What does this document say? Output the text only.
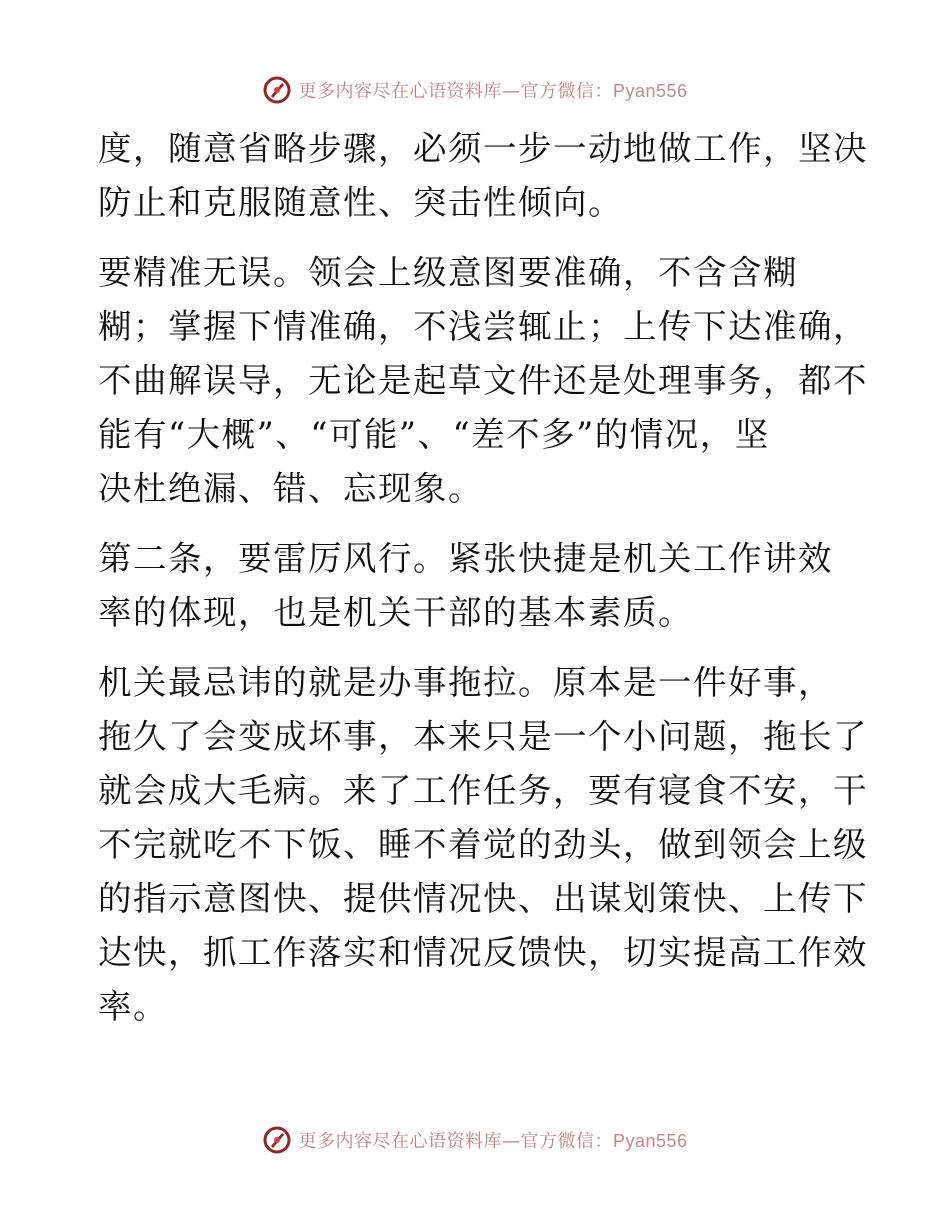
更多内容尽在心语资料库—官方微信：Pyan556

度，随意省略步骤，必须一步一动地做工作，坚决
防止和克服随意性、突击性倾向。

要精准无误。领会上级意图要准确，不含含糊
糊；掌握下情准确，不浅尝辄止；上传下达准确，
不曲解误导，无论是起草文件还是处理事务，都不
能有“大概”、“可能”、“差不多”的情况，坚
决杜绝漏、错、忘现象。

第二条，要雷厉风行。紧张快捷是机关工作讲效
率的体现，也是机关干部的基本素质。

机关最忌讳的就是办事拖拉。原本是一件好事，
拖久了会变成坏事，本来只是一个小问题，拖长了
就会成大毛病。来了工作任务，要有寝食不安，干
不完就吃不下饭、睡不着觉的劲头，做到领会上级
的指示意图快、提供情况快、出谋划策快、上传下
达快，抓工作落实和情况反馈快，切实提高工作效
率。

更多内容尽在心语资料库—官方微信：Pyan556
